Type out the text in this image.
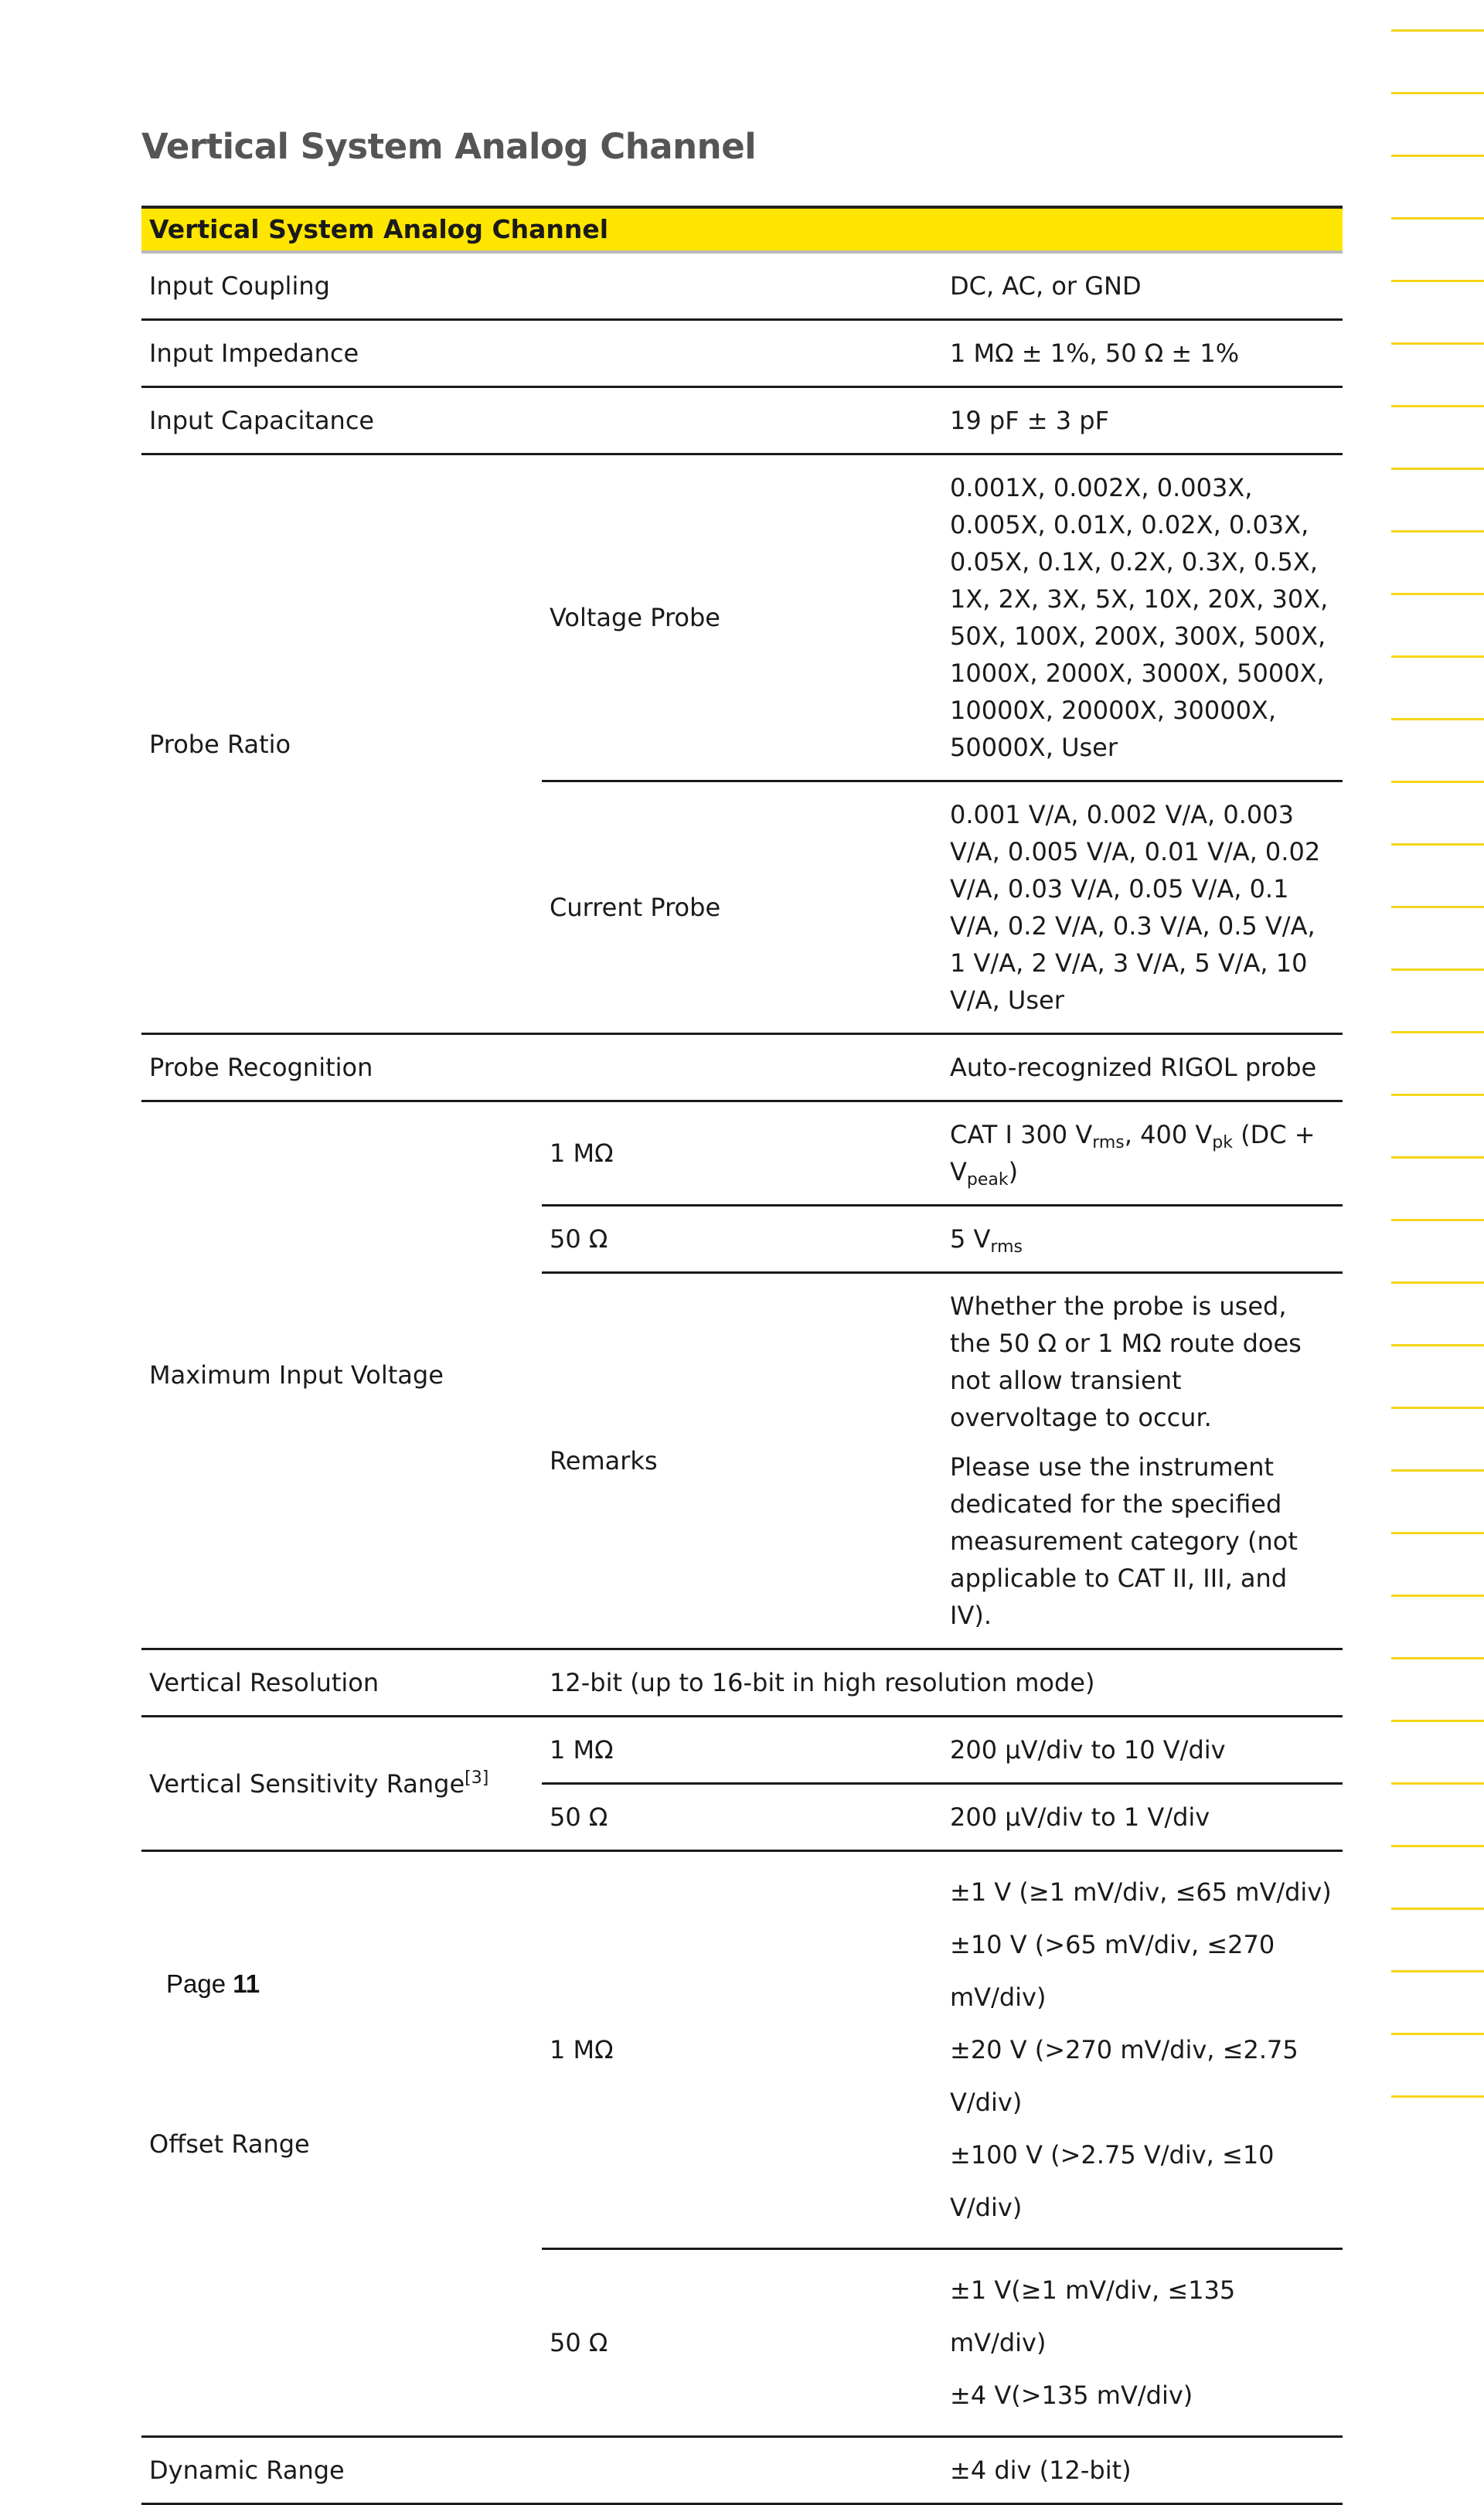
Vertical System Analog Channel
Vertical System Analog Channel		
Input Coupling		DC, AC, or GND
Input Impedance		1 MΩ ± 1%, 50 Ω ± 1%
Input Capacitance		19 pF ± 3 pF
Probe Ratio	Voltage Probe	0.001X, 0.002X, 0.003X, 0.005X, 0.01X, 0.02X, 0.03X, 0.05X, 0.1X, 0.2X, 0.3X, 0.5X, 1X, 2X, 3X, 5X, 10X, 20X, 30X, 50X, 100X, 200X, 300X, 500X, 1000X, 2000X, 3000X, 5000X, 10000X, 20000X, 30000X, 50000X, User
	Current Probe	0.001 V/A, 0.002 V/A, 0.003 V/A, 0.005 V/A, 0.01 V/A, 0.02 V/A, 0.03 V/A, 0.05 V/A, 0.1 V/A, 0.2 V/A, 0.3 V/A, 0.5 V/A, 1 V/A, 2 V/A, 3 V/A, 5 V/A, 10 V/A, User
Probe Recognition		Auto-recognized RIGOL probe
Maximum Input Voltage	1 MΩ	CAT I 300 $V_{rms}$, 400 $V_{pk}$ $(DC + V_{peak})$
	50 Ω	5 $V_{rms}$
	Remarks	Whether the probe is used, the 50 Ω or 1 MΩ route does not allow transient overvoltage to occur.

Please use the instrument dedicated for the specified measurement category (not applicable to CAT II, III, and IV).

Vertical Resolution	12-bit (up to 16-bit in high resolution mode)	
Vertical Sensitivity Range[3]	1 MΩ	200 μV/div to 10 V/div
	50 Ω	200 μV/div to 1 V/div
Offset Range	1 MΩ	±1 V (≥1 mV/div, ≤65 mV/div)

±10 V (>65 mV/div, ≤270 mV/div)

±20 V (>270 mV/div, ≤2.75 V/div)

±100 V (>2.75 V/div, ≤10 V/div)

	50 Ω	±1 V(≥1 mV/div, ≤135 mV/div)

±4 V(>135 mV/div)

Dynamic Range		±4 div (12-bit)
Page 11
